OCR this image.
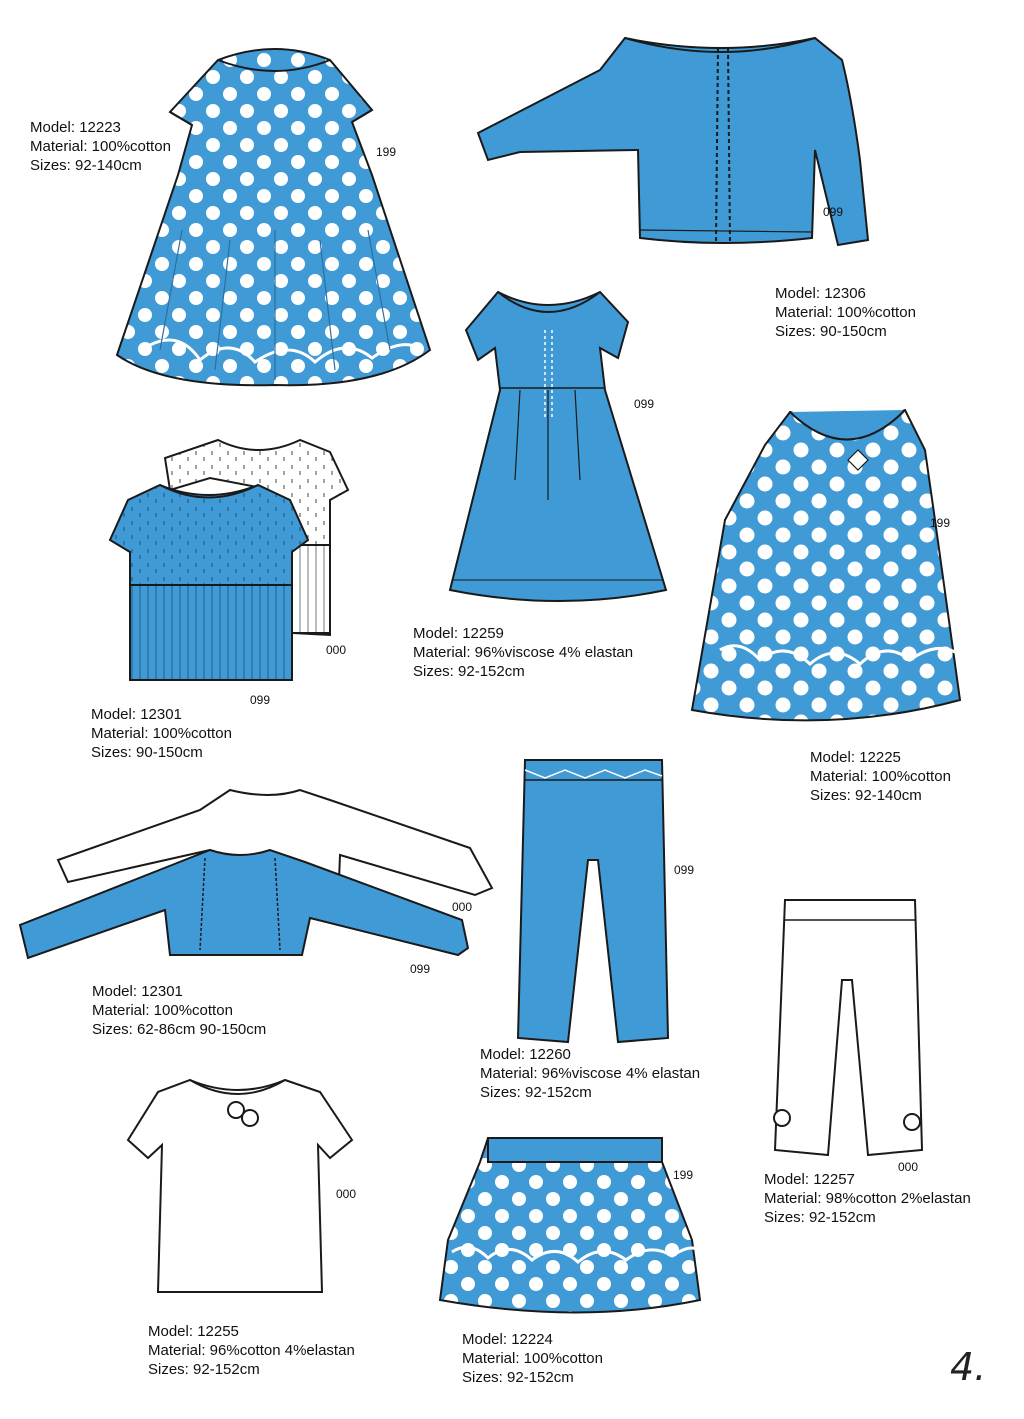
Model: 12223
Material: 100%cotton
Sizes: 92-140cm
199
099
Model: 12306
Material: 100%cotton
Sizes: 90-150cm
099
Model: 12259
Material: 96%viscose 4% elastan
Sizes: 92-152cm
000
099
Model: 12301
Material: 100%cotton
Sizes: 90-150cm
199
Model: 12225
Material: 100%cotton
Sizes: 92-140cm
000
099
Model: 12301
Material: 100%cotton
Sizes: 62-86cm 90-150cm
099
Model: 12260
Material: 96%viscose 4% elastan
Sizes: 92-152cm
000
Model: 12257
Material: 98%cotton 2%elastan
Sizes: 92-152cm
000
Model: 12255
Material: 96%cotton 4%elastan
Sizes: 92-152cm
199
Model: 12224
Material: 100%cotton
Sizes: 92-152cm	4.
